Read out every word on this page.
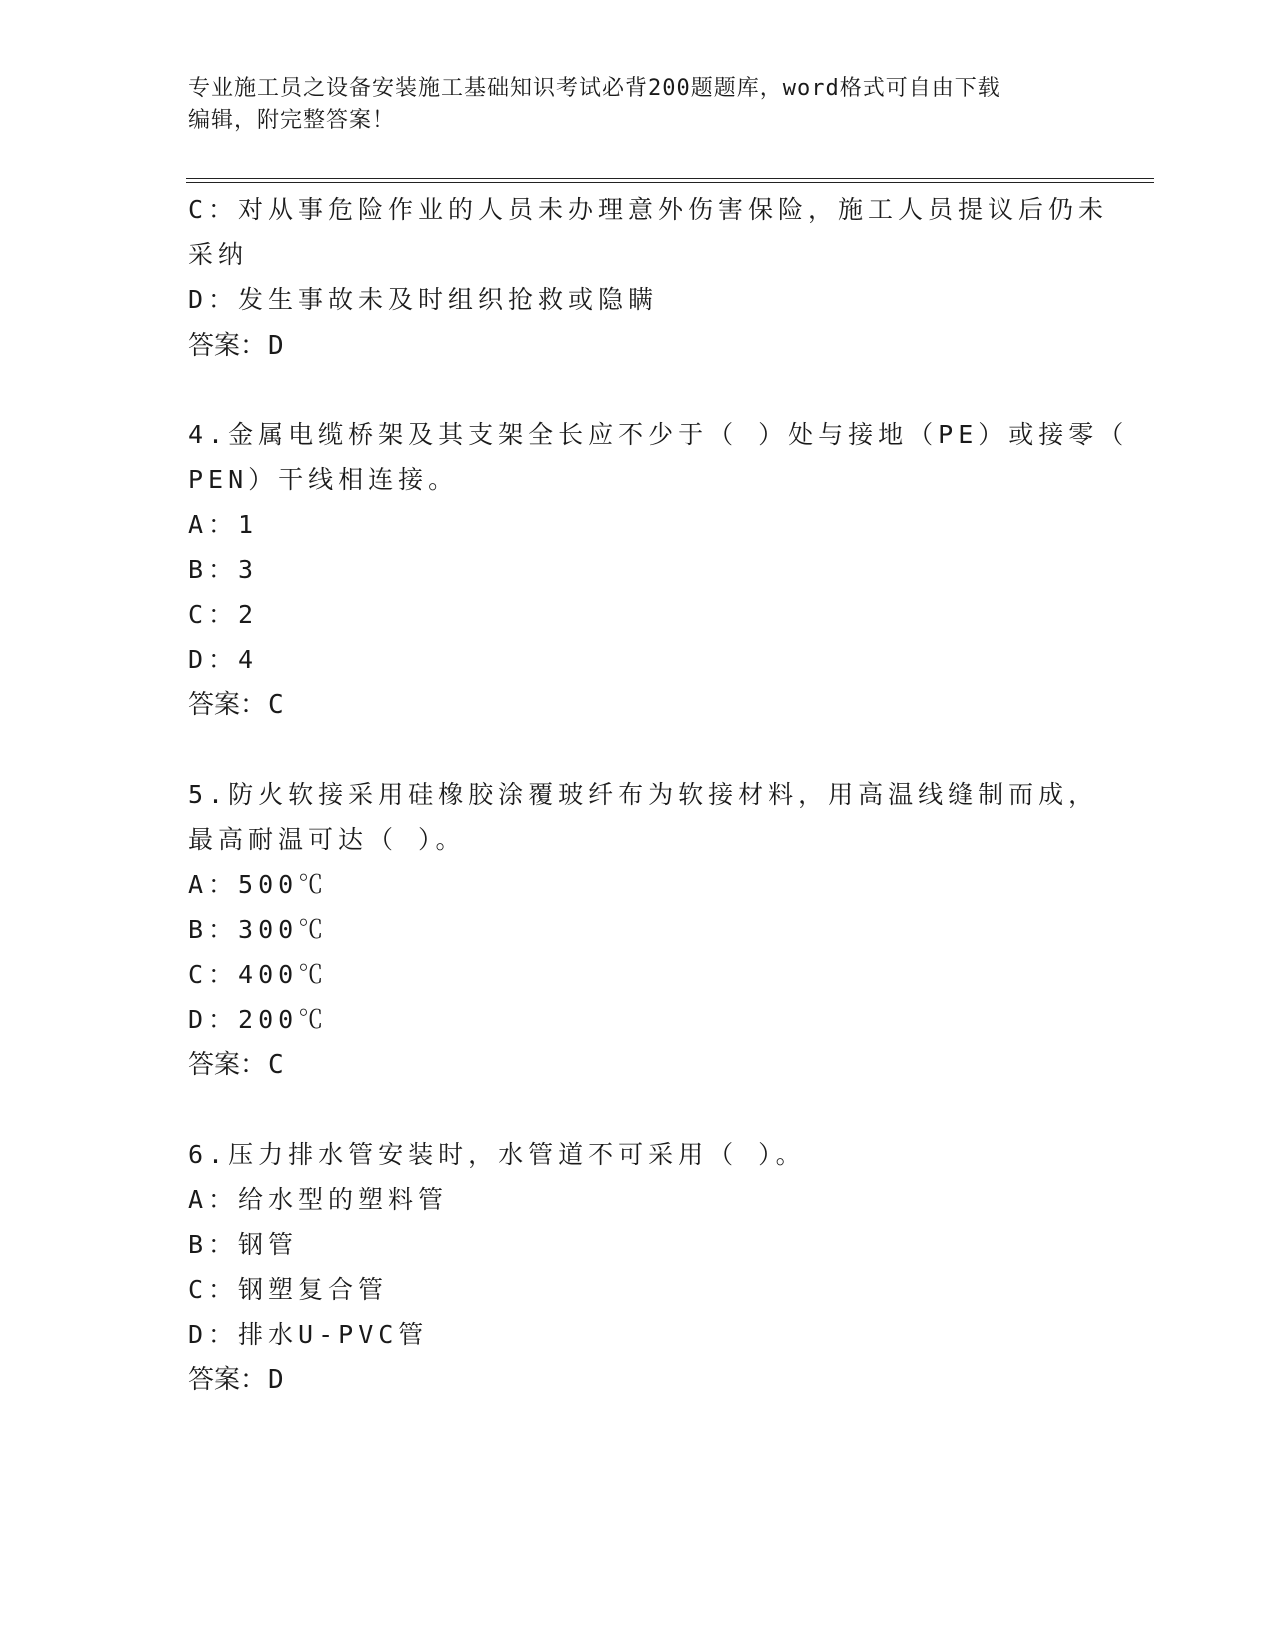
专业施工员之设备安装施工基础知识考试必背200题题库，word格式可自由下载
编辑，附完整答案！
C：对从事危险作业的人员未办理意外伤害保险，施工人员提议后仍未
采纳
D：发生事故未及时组织抢救或隐瞒
答案：D
4.金属电缆桥架及其支架全长应不少于（ ）处与接地（PE）或接零（
PEN）干线相连接。
A：1
B：3
C：2
D：4
答案：C
5.防火软接采用硅橡胶涂覆玻纤布为软接材料，用高温线缝制而成，
最高耐温可达（ ）。
A：500℃
B：300℃
C：400℃
D：200℃
答案：C
6.压力排水管安装时，水管道不可采用（ ）。
A：给水型的塑料管
B：钢管
C：钢塑复合管
D：排水U-PVC管
答案：D
